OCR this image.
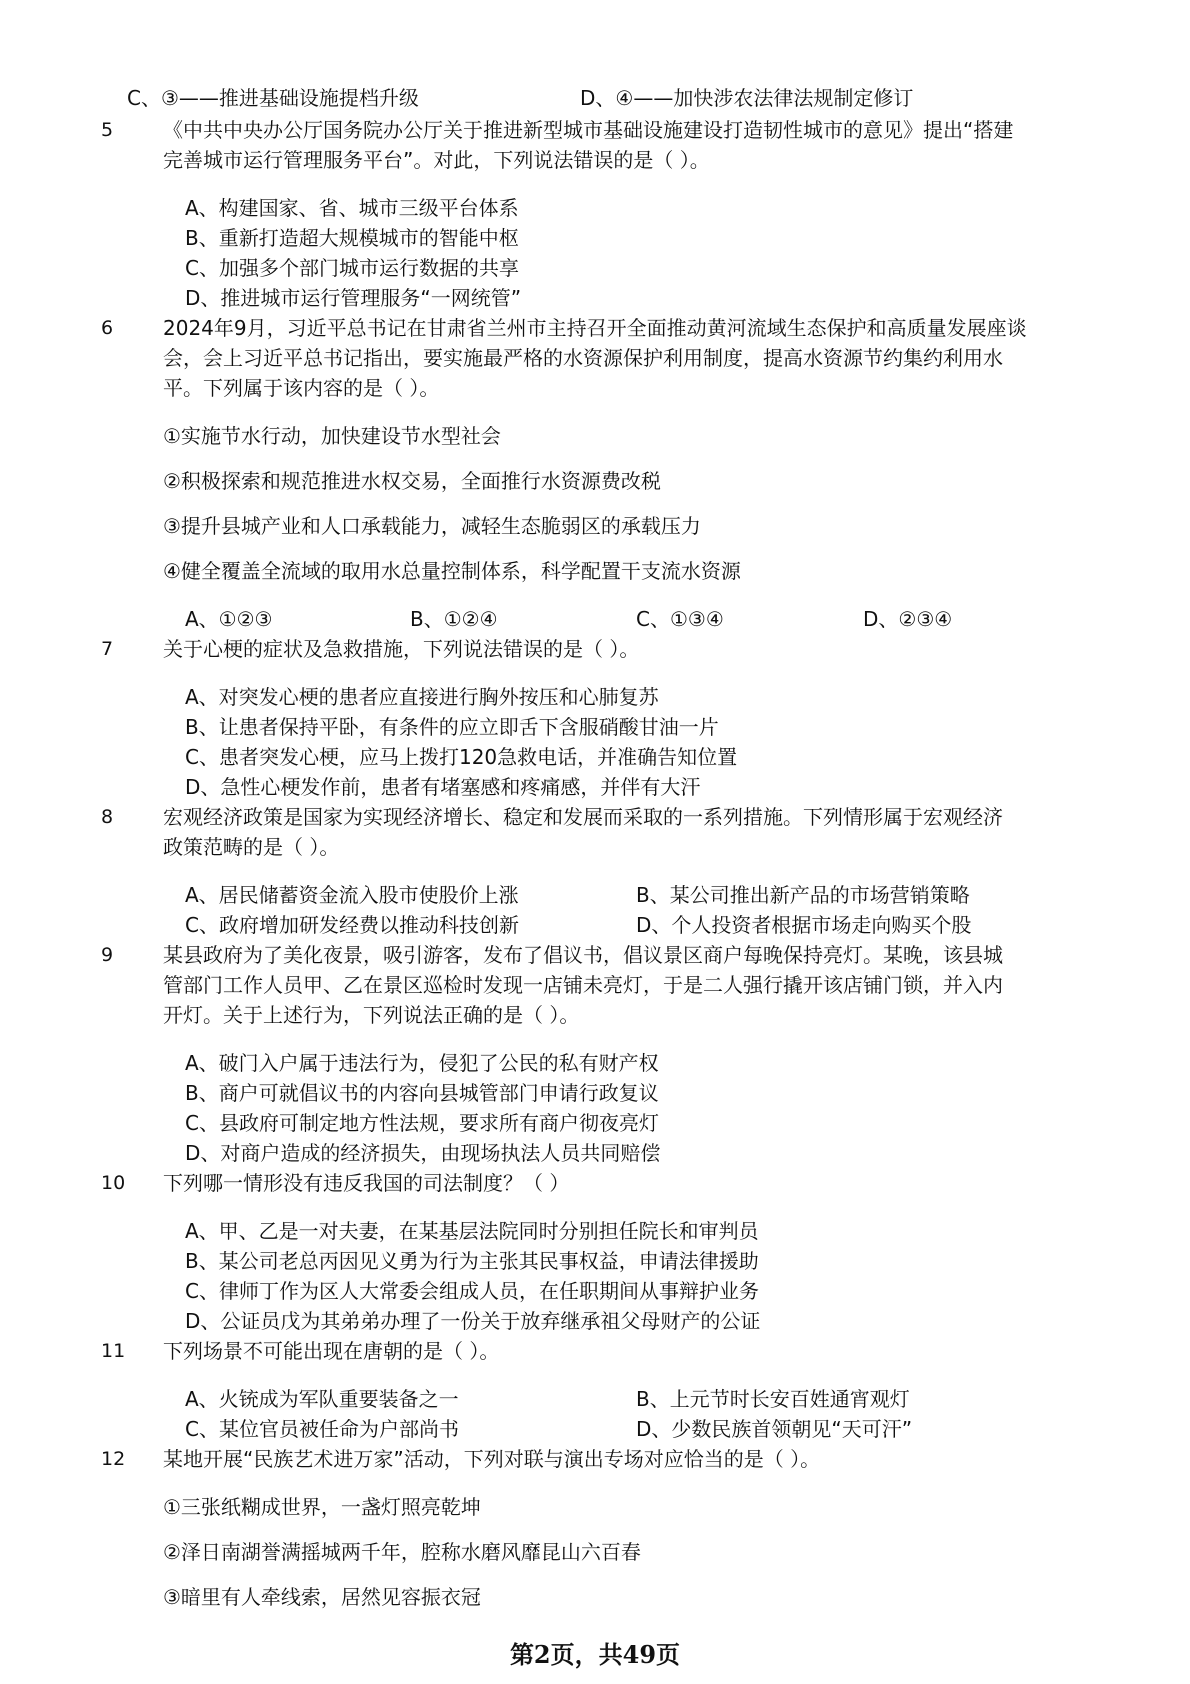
C、③——推进基础设施提档升级	D、④——加快涉农法律法规制定修订
5 《中共中央办公厅国务院办公厅关于推进新型城市基础设施建设打造韧性城市的意见》提出“搭建
完善城市运行管理服务平台”。对此，下列说法错误的是（ ）。
A、构建国家、省、城市三级平台体系
B、重新打造超大规模城市的智能中枢
C、加强多个部门城市运行数据的共享
D、推进城市运行管理服务“一网统管”
6 2024年9月，习近平总书记在甘肃省兰州市主持召开全面推动黄河流域生态保护和高质量发展座谈
会，会上习近平总书记指出，要实施最严格的水资源保护利用制度，提高水资源节约集约利用水
平。下列属于该内容的是（ ）。
①实施节水行动，加快建设节水型社会
②积极探索和规范推进水权交易，全面推行水资源费改税
③提升县城产业和人口承载能力，减轻生态脆弱区的承载压力
④健全覆盖全流域的取用水总量控制体系，科学配置干支流水资源
A、①②③	B、①②④	C、①③④	D、②③④
7 关于心梗的症状及急救措施，下列说法错误的是（ ）。
A、对突发心梗的患者应直接进行胸外按压和心肺复苏
B、让患者保持平卧，有条件的应立即舌下含服硝酸甘油一片
C、患者突发心梗，应马上拨打120急救电话，并准确告知位置
D、急性心梗发作前，患者有堵塞感和疼痛感，并伴有大汗
8 宏观经济政策是国家为实现经济增长、稳定和发展而采取的一系列措施。下列情形属于宏观经济
政策范畴的是（ ）。
A、居民储蓄资金流入股市使股价上涨	B、某公司推出新产品的市场营销策略
C、政府增加研发经费以推动科技创新	D、个人投资者根据市场走向购买个股
9 某县政府为了美化夜景，吸引游客，发布了倡议书，倡议景区商户每晚保持亮灯。某晚，该县城
管部门工作人员甲、乙在景区巡检时发现一店铺未亮灯，于是二人强行撬开该店铺门锁，并入内
开灯。关于上述行为，下列说法正确的是（ ）。
A、破门入户属于违法行为，侵犯了公民的私有财产权
B、商户可就倡议书的内容向县城管部门申请行政复议
C、县政府可制定地方性法规，要求所有商户彻夜亮灯
D、对商户造成的经济损失，由现场执法人员共同赔偿
10 下列哪一情形没有违反我国的司法制度？（ ）
A、甲、乙是一对夫妻，在某基层法院同时分别担任院长和审判员
B、某公司老总丙因见义勇为行为主张其民事权益，申请法律援助
C、律师丁作为区人大常委会组成人员，在任职期间从事辩护业务
D、公证员戊为其弟弟办理了一份关于放弃继承祖父母财产的公证
11 下列场景不可能出现在唐朝的是（ ）。
A、火铳成为军队重要装备之一	B、上元节时长安百姓通宵观灯
C、某位官员被任命为户部尚书	D、少数民族首领朝见“天可汗”
12 某地开展“民族艺术进万家”活动，下列对联与演出专场对应恰当的是（ ）。
①三张纸糊成世界，一盏灯照亮乾坤
②泽日南湖誉满摇城两千年，腔称水磨风靡昆山六百春
③暗里有人牵线索，居然见容振衣冠
第2页，共49页
